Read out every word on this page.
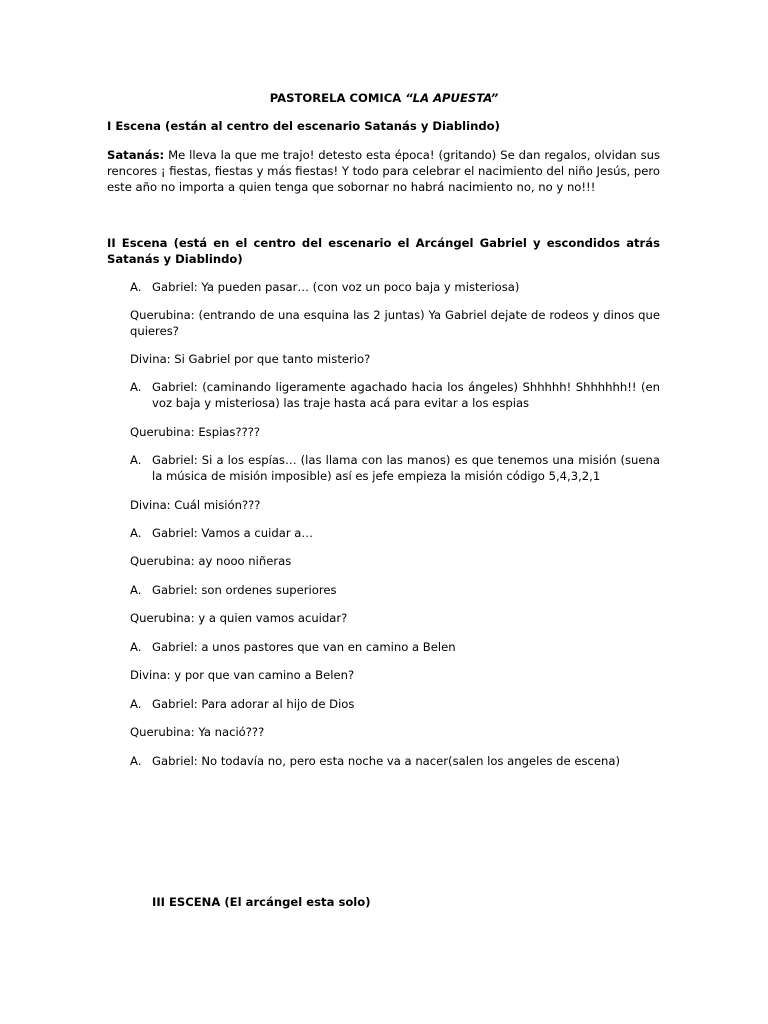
PASTORELA COMICA “LA APUESTA”
I Escena (están al centro del escenario Satanás y Diablindo)
Satanás: Me lleva la que me trajo! detesto esta época! (gritando) Se dan regalos, olvidan sus rencores ¡ fiestas, fiestas y más fiestas! Y todo para celebrar el nacimiento del niño Jesús, pero este año no importa a quien tenga que sobornar no habrá nacimiento no, no y no!!!
II Escena (está en el centro del escenario el Arcángel Gabriel y escondidos atrás Satanás y Diablindo)
A. Gabriel: Ya pueden pasar… (con voz un poco baja y misteriosa)
Querubina: (entrando de una esquina las 2 juntas) Ya Gabriel dejate de rodeos y dinos que quieres?
Divina: Si Gabriel por que tanto misterio?
A. Gabriel: (caminando ligeramente agachado hacia los ángeles) Shhhhh! Shhhhhh!! (en voz baja y misteriosa) las traje hasta acá para evitar a los espias
Querubina: Espias????
A. Gabriel: Si a los espías… (las llama con las manos) es que tenemos una misión (suena la música de misión imposible) así es jefe empieza la misión código 5,4,3,2,1
Divina: Cuál misión???
A. Gabriel: Vamos a cuidar a…
Querubina: ay nooo niñeras
A. Gabriel: son ordenes superiores
Querubina: y a quien vamos acuidar?
A. Gabriel: a unos pastores que van en camino a Belen
Divina: y por que van camino a Belen?
A. Gabriel: Para adorar al hijo de Dios
Querubina: Ya nació???
A. Gabriel: No todavía no, pero esta noche va a nacer(salen los angeles de escena)
III ESCENA (El arcángel esta solo)
